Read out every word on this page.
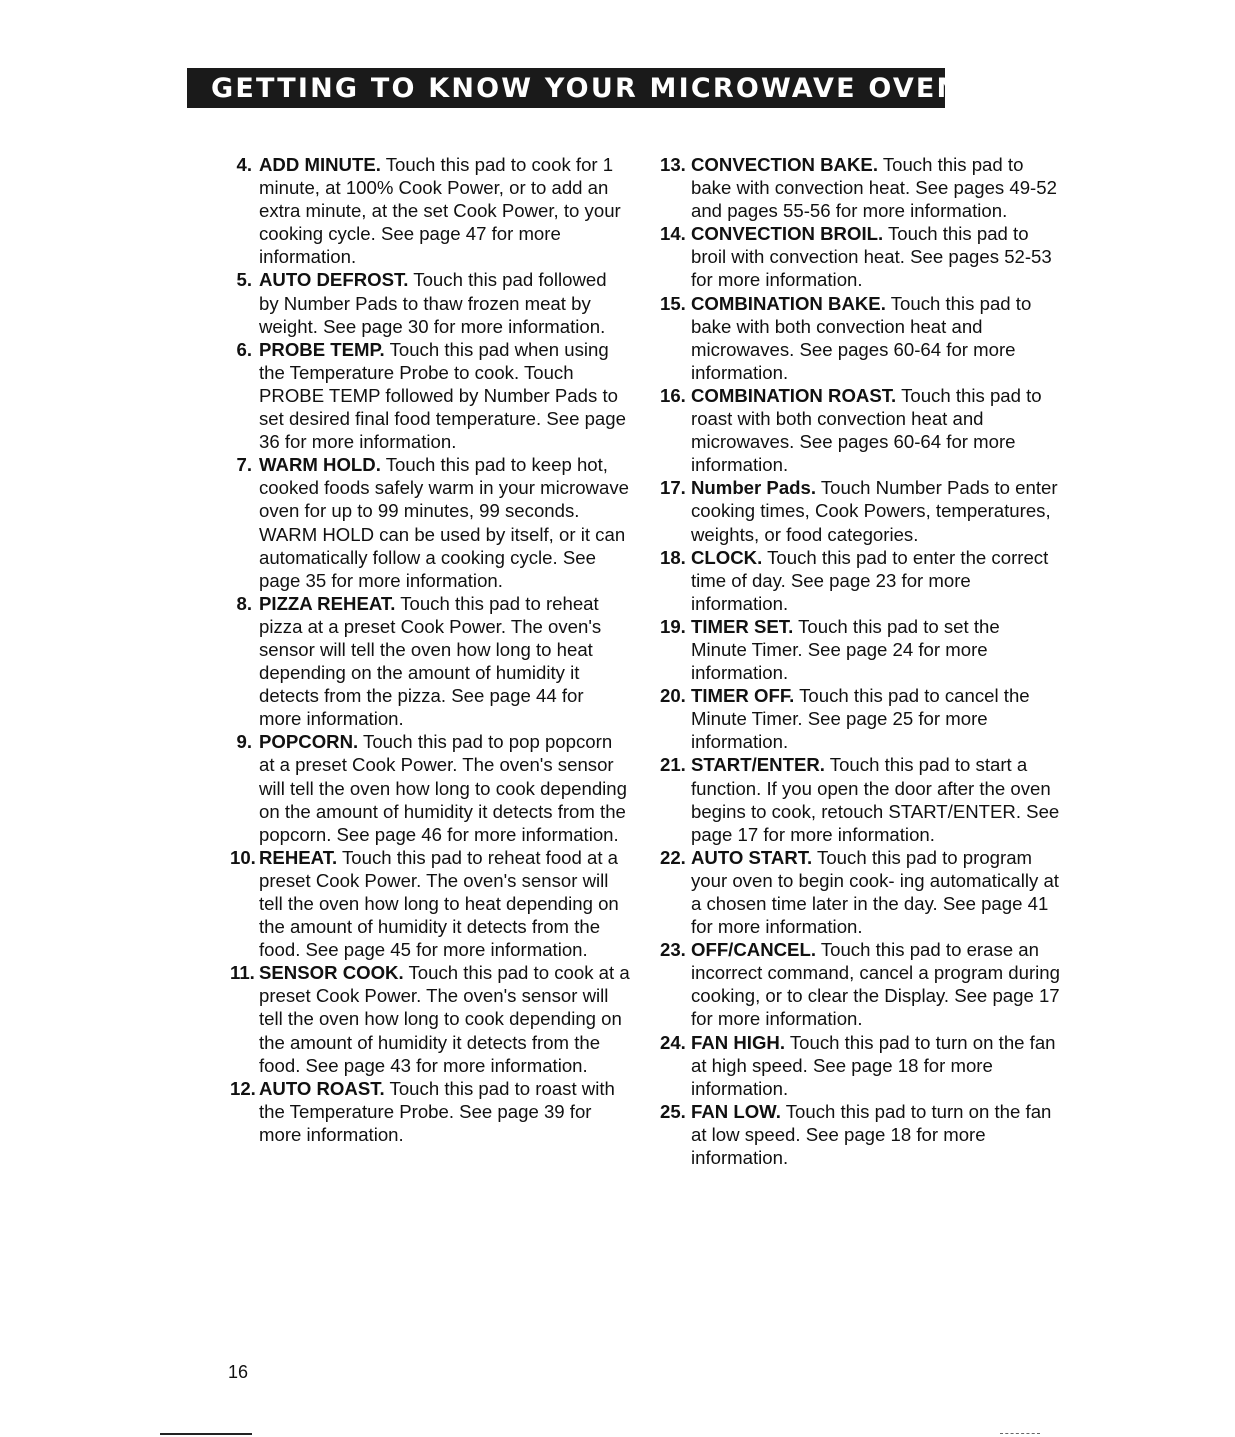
GETTING TO KNOW YOUR MICROWAVE OVEN
4. ADD MINUTE. Touch this pad to cook for 1 minute, at 100% Cook Power, or to add an extra minute, at the set Cook Power, to your cooking cycle. See page 47 for more information.
5. AUTO DEFROST. Touch this pad followed by Number Pads to thaw frozen meat by weight. See page 30 for more information.
6. PROBE TEMP. Touch this pad when using the Temperature Probe to cook. Touch PROBE TEMP followed by Number Pads to set desired final food temperature. See page 36 for more information.
7. WARM HOLD. Touch this pad to keep hot, cooked foods safely warm in your microwave oven for up to 99 minutes, 99 seconds. WARM HOLD can be used by itself, or it can automatically follow a cooking cycle. See page 35 for more information.
8. PIZZA REHEAT. Touch this pad to reheat pizza at a preset Cook Power. The oven's sensor will tell the oven how long to heat depending on the amount of humidity it detects from the pizza. See page 44 for more information.
9. POPCORN. Touch this pad to pop popcorn at a preset Cook Power. The oven's sensor will tell the oven how long to cook depending on the amount of humidity it detects from the popcorn. See page 46 for more information.
10. REHEAT. Touch this pad to reheat food at a preset Cook Power. The oven's sensor will tell the oven how long to heat depending on the amount of humidity it detects from the food. See page 45 for more information.
11. SENSOR COOK. Touch this pad to cook at a preset Cook Power. The oven's sensor will tell the oven how long to cook depending on the amount of humidity it detects from the food. See page 43 for more information.
12. AUTO ROAST. Touch this pad to roast with the Temperature Probe. See page 39 for more information.
13. CONVECTION BAKE. Touch this pad to bake with convection heat. See pages 49-52 and pages 55-56 for more information.
14. CONVECTION BROIL. Touch this pad to broil with convection heat. See pages 52-53 for more information.
15. COMBINATION BAKE. Touch this pad to bake with both convection heat and microwaves. See pages 60-64 for more information.
16. COMBINATION ROAST. Touch this pad to roast with both convection heat and microwaves. See pages 60-64 for more information.
17. Number Pads. Touch Number Pads to enter cooking times, Cook Powers, temperatures, weights, or food categories.
18. CLOCK. Touch this pad to enter the correct time of day. See page 23 for more information.
19. TIMER SET. Touch this pad to set the Minute Timer. See page 24 for more information.
20. TIMER OFF. Touch this pad to cancel the Minute Timer. See page 25 for more information.
21. START/ENTER. Touch this pad to start a function. If you open the door after the oven begins to cook, retouch START/ENTER. See page 17 for more information.
22. AUTO START. Touch this pad to program your oven to begin cook- ing automatically at a chosen time later in the day. See page 41 for more information.
23. OFF/CANCEL. Touch this pad to erase an incorrect command, cancel a program during cooking, or to clear the Display. See page 17 for more information.
24. FAN HIGH. Touch this pad to turn on the fan at high speed. See page 18 for more information.
25. FAN LOW. Touch this pad to turn on the fan at low speed. See page 18 for more information.
16
